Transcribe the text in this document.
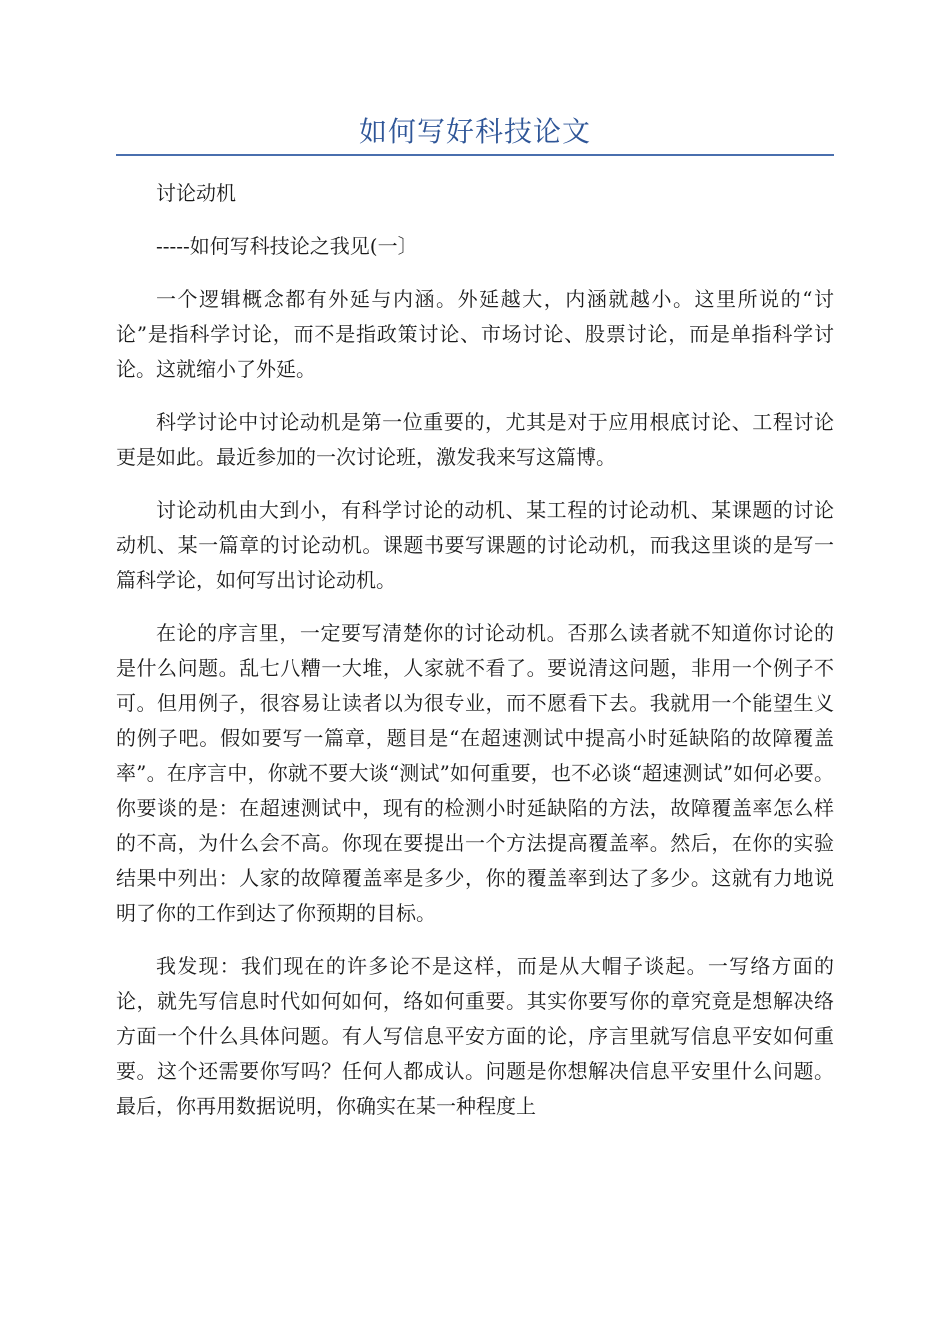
如何写好科技论文

讨论动机

-----如何写科技论之我见(一〕

一个逻辑概念都有外延与内涵。外延越大，内涵就越小。这里所说的“讨论”是指科学讨论，而不是指政策讨论、市场讨论、股票讨论，而是单指科学讨论。这就缩小了外延。

科学讨论中讨论动机是第一位重要的，尤其是对于应用根底讨论、工程讨论更是如此。最近参加的一次讨论班，激发我来写这篇博。

讨论动机由大到小，有科学讨论的动机、某工程的讨论动机、某课题的讨论动机、某一篇章的讨论动机。课题书要写课题的讨论动机，而我这里谈的是写一篇科学论，如何写出讨论动机。

在论的序言里，一定要写清楚你的讨论动机。否那么读者就不知道你讨论的是什么问题。乱七八糟一大堆，人家就不看了。要说清这问题，非用一个例子不可。但用例子，很容易让读者以为很专业，而不愿看下去。我就用一个能望生义的例子吧。假如要写一篇章，题目是“在超速测试中提高小时延缺陷的故障覆盖率”。在序言中，你就不要大谈“测试”如何重要，也不必谈“超速测试”如何必要。你要谈的是：在超速测试中，现有的检测小时延缺陷的方法，故障覆盖率怎么样的不高，为什么会不高。你现在要提出一个方法提高覆盖率。然后，在你的实验结果中列出：人家的故障覆盖率是多少，你的覆盖率到达了多少。这就有力地说明了你的工作到达了你预期的目标。

我发现：我们现在的许多论不是这样，而是从大帽子谈起。一写络方面的论，就先写信息时代如何如何，络如何重要。其实你要写你的章究竟是想解决络方面一个什么具体问题。有人写信息平安方面的论，序言里就写信息平安如何重要。这个还需要你写吗？任何人都成认。问题是你想解决信息平安里什么问题。最后，你再用数据说明，你确实在某一种程度上
